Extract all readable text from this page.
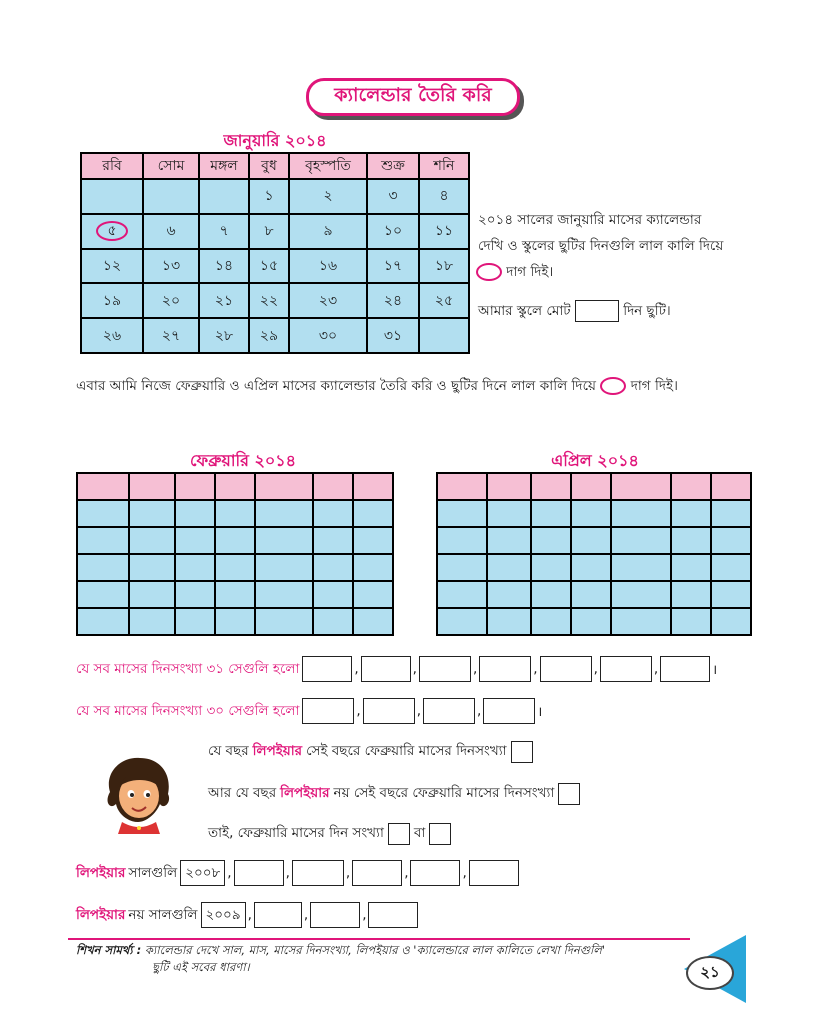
ক্যালেন্ডার তৈরি করি
জানুয়ারি ২০১৪
রবি	সোম	মঙ্গল	বুধ	বৃহস্পতি	শুক্র	শনি
			১	২	৩	৪
৫	৬	৭	৮	৯	১০	১১
১২	১৩	১৪	১৫	১৬	১৭	১৮
১৯	২০	২১	২২	২৩	২৪	২৫
২৬	২৭	২৮	২৯	৩০	৩১	
২০১৪ সালের জানুয়ারি মাসের ক্যালেন্ডার
দেখি ও স্কুলের ছুটির দিনগুলি লাল কালি দিয়ে
দাগ দিই।
আমার স্কুলে মোট	দিন ছুটি।
এবার আমি নিজে ফেব্রুয়ারি ও এপ্রিল মাসের ক্যালেন্ডার তৈরি করি ও ছুটির দিনে লাল কালি দিয়ে	দাগ দিই।
ফেব্রুয়ারি ২০১৪

							এপ্রিল ২০১৪

যে সব মাসের দিনসংখ্যা ৩১ সেগুলি হলো	,	,	,	,	,	,	।
যে সব মাসের দিনসংখ্যা ৩০ সেগুলি হলো	,	,	,	।
যে বছর লিপইয়ার সেই বছরে ফেব্রুয়ারি মাসের দিনসংখ্যা
আর যে বছর লিপইয়ার নয় সেই বছরে ফেব্রুয়ারি মাসের দিনসংখ্যা
তাই, ফেব্রুয়ারি মাসের দিন সংখ্যা বা
লিপইয়ার সালগুলি ২০০৮ ,	,	,	,	,
লিপইয়ার নয় সালগুলি ২০০৯ ,	,	,
শিখন সামর্থ্য : ক্যালেন্ডার দেখে সাল, মাস, মাসের দিনসংখ্যা, লিপইয়ার ও 'ক্যালেন্ডারে লাল কালিতে লেখা দিনগুলি'
ছুটি এই সবের ধারণা।	২১
